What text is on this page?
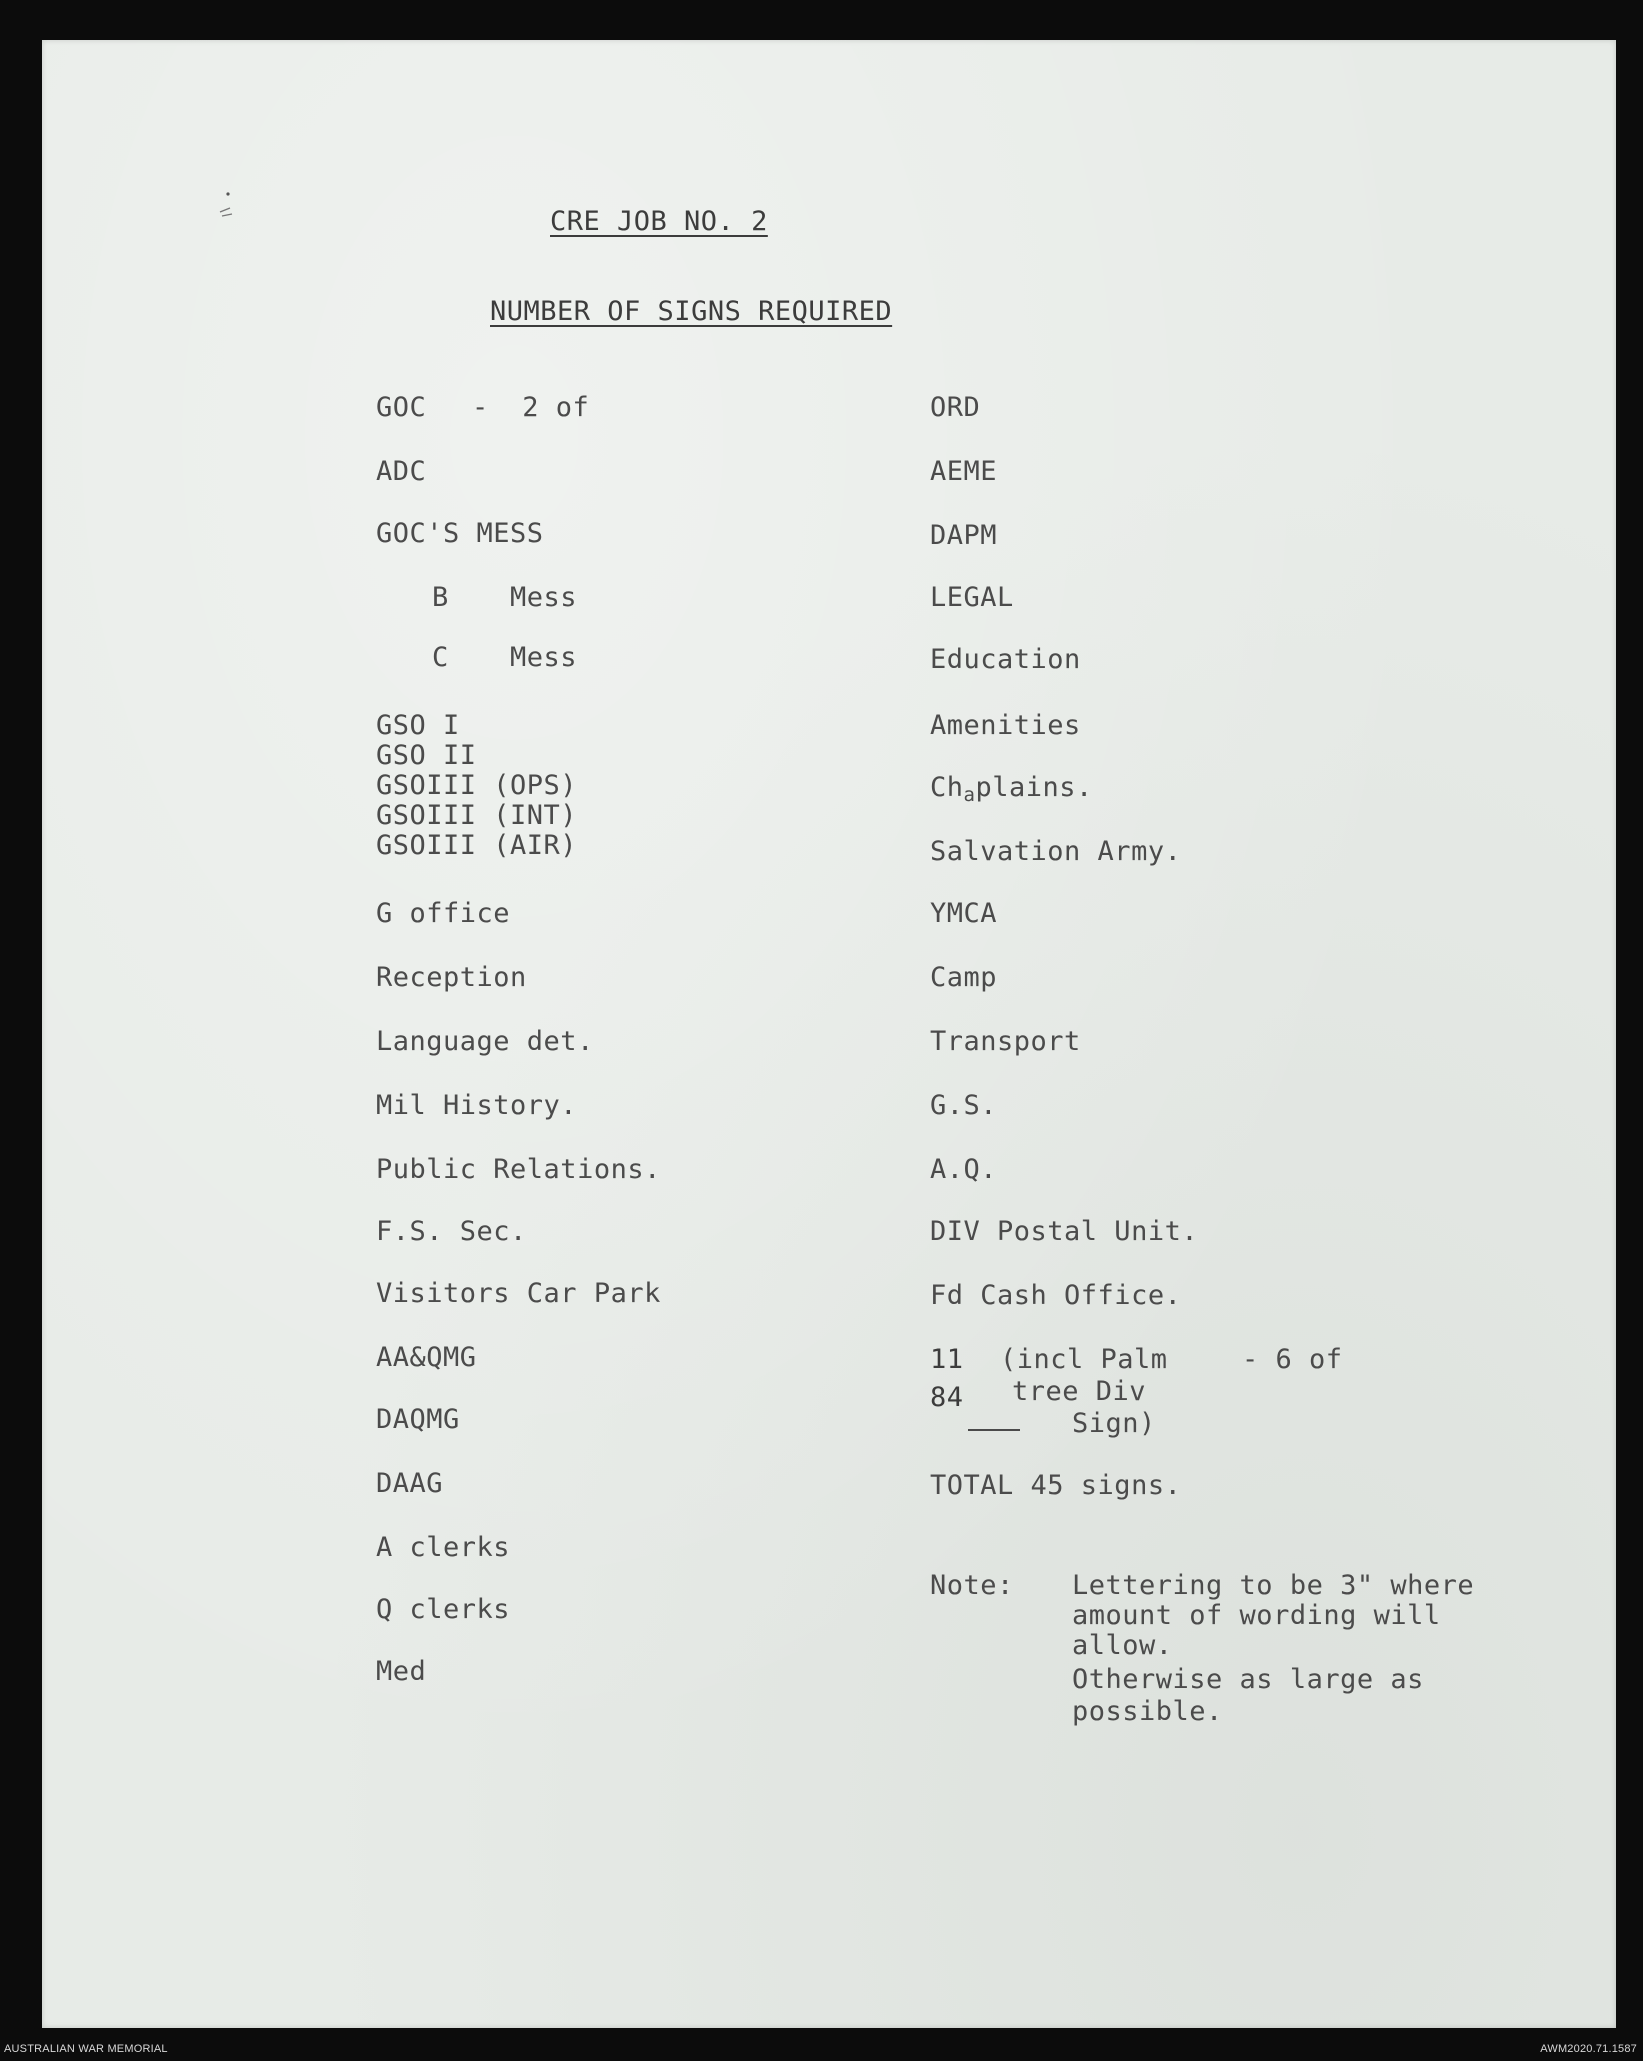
CRE JOB NO. 2
NUMBER OF SIGNS REQUIRED
GOC -  2 of
ADC
GOC'S MESS
B Mess
C Mess
GSO I
GSO II
GSOIII (OPS)
GSOIII (INT)
GSOIII (AIR)
G office
Reception
Language det.
Mil History.
Public Relations.
F.S. Sec.
Visitors Car Park
AA&QMG
DAQMG
DAAG
A clerks
Q clerks
Med
ORD
AEME
DAPM
LEGAL
Education
Amenities
Chaplains.
Salvation Army.
YMCA
Camp
Transport
G.S.
A.Q.
DIV Postal Unit.
Fd Cash Office.
11
84
(incl Palm
tree Div
Sign)
- 6 of
TOTAL 45 signs.
Note: Lettering to be 3" where
amount of wording will
allow.
Otherwise as large as
possible.
AUSTRALIAN WAR MEMORIAL	AWM2020.71.1587
